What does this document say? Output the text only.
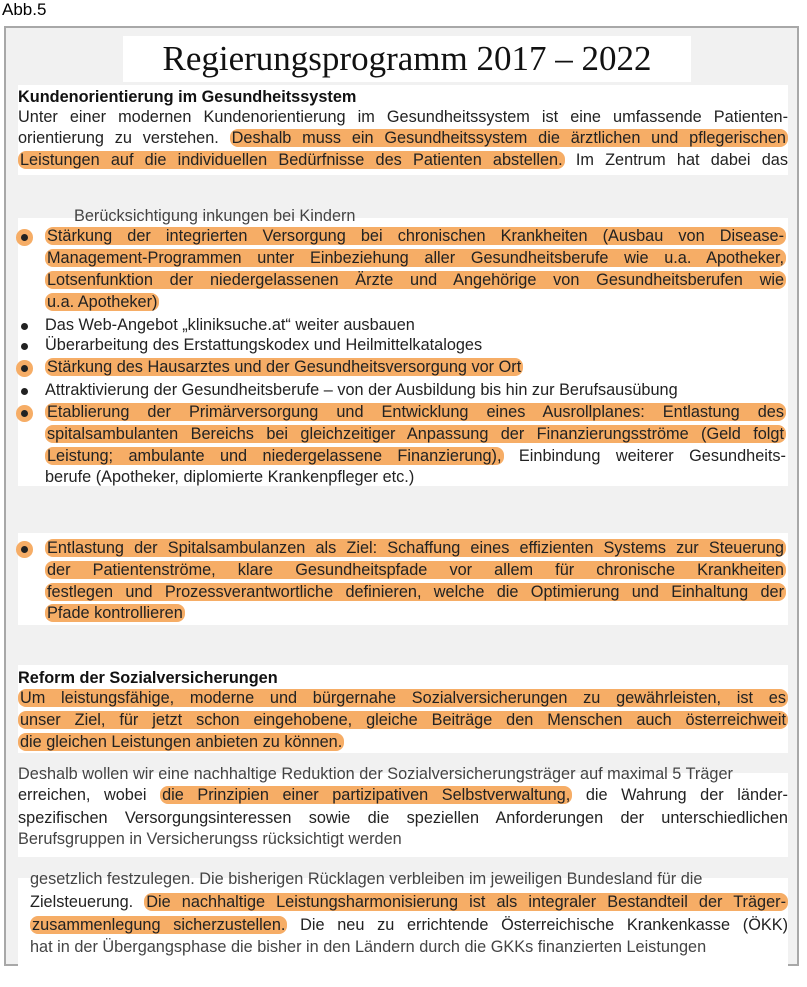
Abb.5
Regierungsprogramm 2017 – 2022
Kundenorientierung im Gesundheitssystem
Unter einer modernen Kundenorientierung im Gesundheitssystem ist eine umfassende Patienten-
orientierung zu verstehen. Deshalb muss ein Gesundheitssystem die ärztlichen und pflegerischen
Leistungen auf die individuellen Bedürfnisse des Patienten abstellen. Im Zentrum hat dabei das
Berücksichtigung inkungen bei Kindern
Stärkung der integrierten Versorgung bei chronischen Krankheiten (Ausbau von Disease-
Management-Programmen unter Einbeziehung aller Gesundheitsberufe wie u.a. Apotheker,
Lotsenfunktion der niedergelassenen Ärzte und Angehörige von Gesundheitsberufen wie
u.a. Apotheker)
Das Web-Angebot „kliniksuche.at“ weiter ausbauen
Überarbeitung des Erstattungskodex und Heilmittelkataloges
Stärkung des Hausarztes und der Gesundheitsversorgung vor Ort
Attraktivierung der Gesundheitsberufe – von der Ausbildung bis hin zur Berufsausübung
Etablierung der Primärversorgung und Entwicklung eines Ausrollplanes: Entlastung des
spitalsambulanten Bereichs bei gleichzeitiger Anpassung der Finanzierungsströme (Geld folgt
Leistung; ambulante und niedergelassene Finanzierung), Einbindung weiterer Gesundheits-
berufe (Apotheker, diplomierte Krankenpfleger etc.)
Entlastung der Spitalsambulanzen als Ziel: Schaffung eines effizienten Systems zur Steuerung
der Patientenströme, klare Gesundheitspfade vor allem für chronische Krankheiten
festlegen und Prozessverantwortliche definieren, welche die Optimierung und Einhaltung der
Pfade kontrollieren
Reform der Sozialversicherungen
Um leistungsfähige, moderne und bürgernahe Sozialversicherungen zu gewährleisten, ist es
unser Ziel, für jetzt schon eingehobene, gleiche Beiträge den Menschen auch österreichweit
die gleichen Leistungen anbieten zu können.
Deshalb wollen wir eine nachhaltige Reduktion der Sozialversicherungsträger auf maximal 5 Träger
erreichen, wobei die Prinzipien einer partizipativen Selbstverwaltung, die Wahrung der länder-
spezifischen Versorgungsinteressen sowie die speziellen Anforderungen der unterschiedlichen
Berufsgruppen in Versicherungss rücksichtigt werden
gesetzlich festzulegen. Die bisherigen Rücklagen verbleiben im jeweiligen Bundesland für die
Zielsteuerung. Die nachhaltige Leistungsharmonisierung ist als integraler Bestandteil der Träger-
zusammenlegung sicherzustellen. Die neu zu errichtende Österreichische Krankenkasse (ÖKK)
hat in der Übergangsphase die bisher in den Ländern durch die GKKs finanzierten Leistungen
